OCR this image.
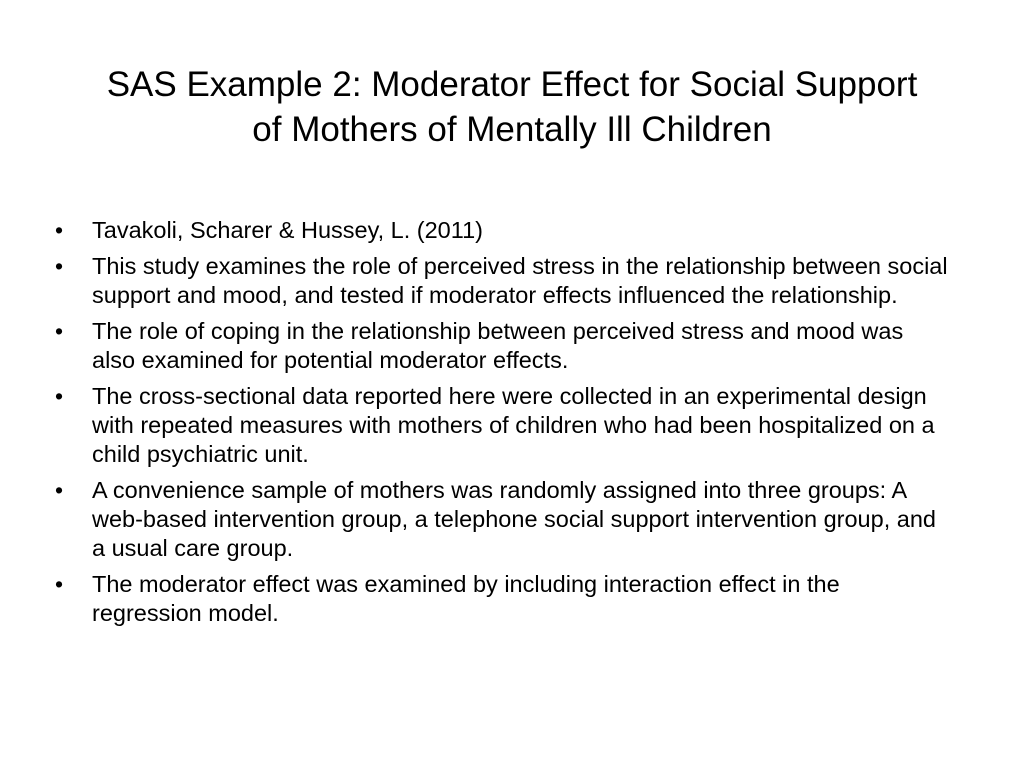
SAS Example 2: Moderator Effect for Social Support
of Mothers of Mentally Ill Children
• Tavakoli, Scharer & Hussey, L. (2011)
• This study examines the role of perceived stress in the relationship between social support and mood, and tested if moderator effects influenced the relationship.
• The role of coping in the relationship between perceived stress and mood was also examined for potential moderator effects.
• The cross-sectional data reported here were collected in an experimental design with repeated measures with mothers of children who had been hospitalized on a child psychiatric unit.
• A convenience sample of mothers was randomly assigned into three groups: A web-based intervention group, a telephone social support intervention group, and a usual care group.
• The moderator effect was examined by including interaction effect in the regression model.
